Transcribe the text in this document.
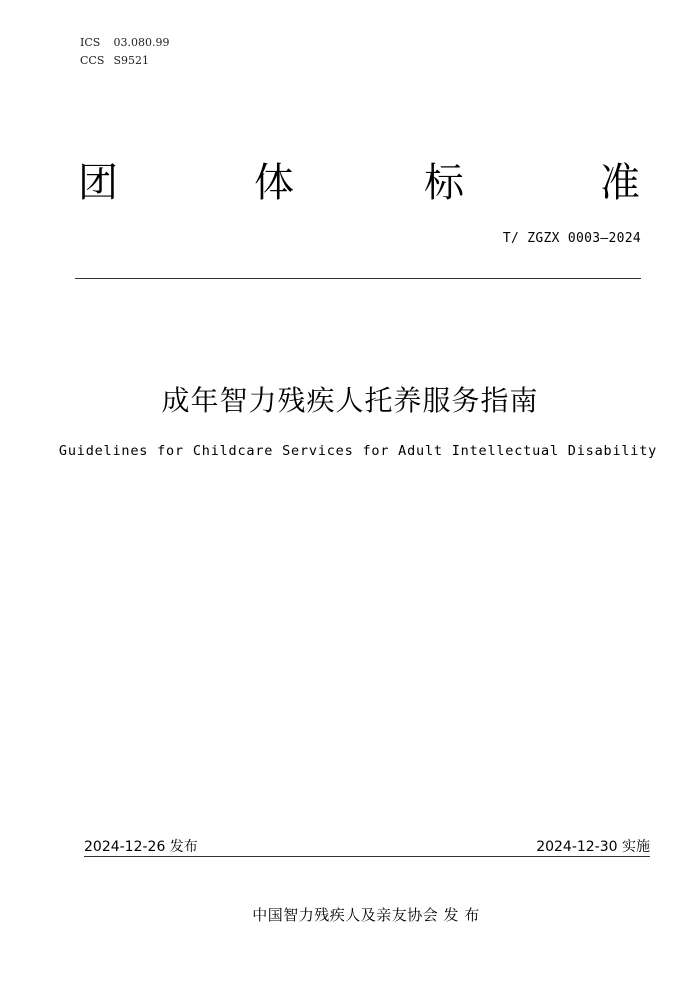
ICS 03.080.99
CCS S9521
团	体	标	准
T/ ZGZX 0003—2024
成年智力残疾人托养服务指南
Guidelines for Childcare Services for Adult Intellectual Disability
2024-12-26 发布	2024-12-30 实施
中国智力残疾人及亲友协会 发 布
